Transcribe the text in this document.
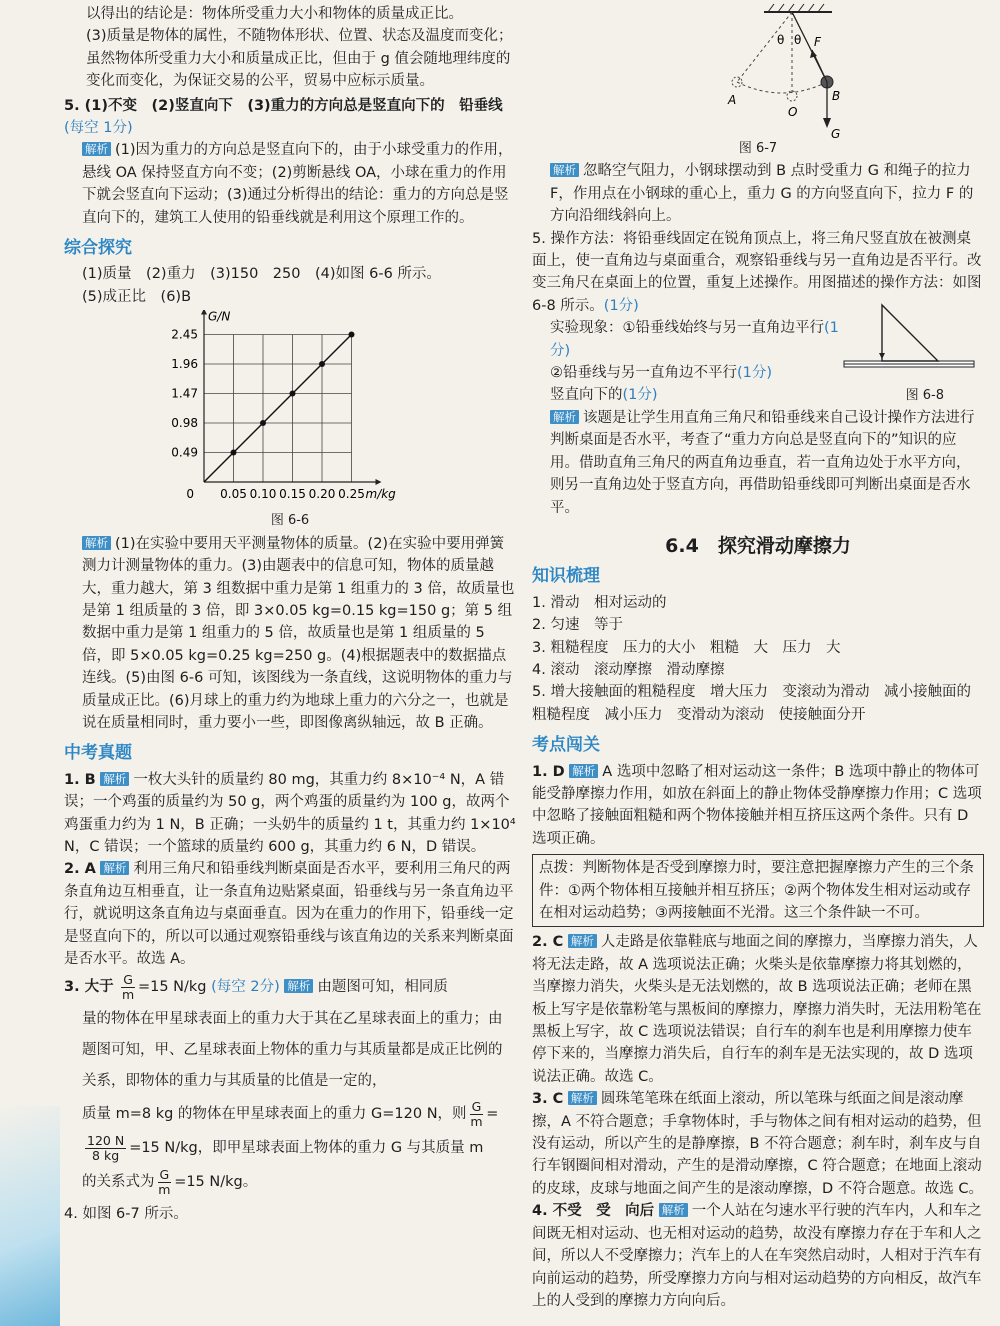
以得出的结论是：物体所受重力大小和物体的质量成正比。

(3)质量是物体的属性，不随物体形状、位置、状态及温度而变化；虽然物体所受重力大小和质量成正比，但由于 g 值会随地理纬度的变化而变化，为保证交易的公平，贸易中应标示质量。

5. (1)不变　(2)竖直向下　(3)重力的方向总是竖直向下的　铅垂线(每空 1分)

解析 (1)因为重力的方向总是竖直向下的，由于小球受重力的作用，悬线 OA 保持竖直方向不变；(2)剪断悬线 OA，小球在重力的作用下就会竖直向下运动；(3)通过分析得出的结论：重力的方向总是竖直向下的，建筑工人使用的铅垂线就是利用这个原理工作的。

综合探究

(1)质量　(2)重力　(3)150　250　(4)如图 6-6 所示。

(5)成正比　(6)B

0.05 0.10 0.15 0.20 0.25
0.49
0.98
1.47
1.96
2.45
0	m/kg
G/N
图 6-6

解析 (1)在实验中要用天平测量物体的质量。(2)在实验中要用弹簧测力计测量物体的重力。(3)由题表中的信息可知，物体的质量越大，重力越大，第 3 组数据中重力是第 1 组重力的 3 倍，故质量也是第 1 组质量的 3 倍，即 3×0.05 kg=0.15 kg=150 g；第 5 组数据中重力是第 1 组重力的 5 倍，故质量也是第 1 组质量的 5 倍，即 5×0.05 kg=0.25 kg=250 g。(4)根据题表中的数据描点连线。(5)由图 6-6 可知，该图线为一条直线，这说明物体的重力与质量成正比。(6)月球上的重力约为地球上重力的六分之一，也就是说在质量相同时，重力要小一些，即图像离纵轴远，故 B 正确。

中考真题

1. B 解析 一枚大头针的质量约 80 mg，其重力约 8×10⁻⁴ N，A 错误；一个鸡蛋的质量约为 50 g，两个鸡蛋的质量约为 100 g，故两个鸡蛋重力约为 1 N，B 正确；一头奶牛的质量约 1 t，其重力约 1×10⁴ N，C 错误；一个篮球的质量约 600 g，其重力约 6 N，D 错误。

2. A 解析 利用三角尺和铅垂线判断桌面是否水平，要利用三角尺的两条直角边互相垂直，让一条直角边贴紧桌面，铅垂线与另一条直角边平行，就说明这条直角边与桌面垂直。因为在重力的作用下，铅垂线一定是竖直向下的，所以可以通过观察铅垂线与该直角边的关系来判断桌面是否水平。故选 A。

3. 大于 $\frac{G}{m} =15$ N/kg (每空 2分) 解析 由题图可知，相同质

量的物体在甲星球表面上的重力大于其在乙星球表面上的重力；由题图可知，甲、乙星球表面上物体的重力与其质量都是成正比例的关系，即物体的重力与其质量的比值是一定的，

质量 m=8 kg 的物体在甲星球表面上的重力 G=120 N，则 $\frac{G}{m}$ =

$\frac{120 N}{8 kg} =15$ N/kg，即甲星球表面上物体的重力 G 与其质量 m

的关系式为 $\frac{G}{m} =15$ N/kg。

4. 如图 6-7 所示。

θ θ F
A
O
B
G
图 6-7

解析 忽略空气阻力，小钢球摆动到 B 点时受重力 G 和绳子的拉力 F，作用点在小钢球的重心上，重力 G 的方向竖直向下，拉力 F 的方向沿细线斜向上。

5. 操作方法：将铅垂线固定在锐角顶点上，将三角尺竖直放在被测桌面上，使一直角边与桌面重合，观察铅垂线与另一直角边是否平行。改变三角尺在桌面上的位置，重复上述操作。用图描述的操作方法：如图 6-8 所示。(1分)

图 6-8

实验现象：①铅垂线始终与另一直角边平行(1分)

②铅垂线与另一直角边不平行(1分)

竖直向下的(1分)

解析 该题是让学生用直角三角尺和铅垂线来自己设计操作方法进行判断桌面是否水平，考查了“重力方向总是竖直向下的”知识的应用。借助直角三角尺的两直角边垂直，若一直角边处于水平方向，则另一直角边处于竖直方向，再借助铅垂线即可判断出桌面是否水平。

6.4　探究滑动摩擦力
知识梳理

1. 滑动　相对运动的

2. 匀速　等于

3. 粗糙程度　压力的大小　粗糙　大　压力　大

4. 滚动　滚动摩擦　滑动摩擦

5. 增大接触面的粗糙程度　增大压力　变滚动为滑动　减小接触面的粗糙程度　减小压力　变滑动为滚动　使接触面分开

考点闯关

1. D 解析 A 选项中忽略了相对运动这一条件；B 选项中静止的物体可能受静摩擦力作用，如放在斜面上的静止物体受静摩擦力作用；C 选项中忽略了接触面粗糙和两个物体接触并相互挤压这两个条件。只有 D 选项正确。

点拨：判断物体是否受到摩擦力时，要注意把握摩擦力产生的三个条件：①两个物体相互接触并相互挤压；②两个物体发生相对运动或存在相对运动趋势；③两接触面不光滑。这三个条件缺一不可。

2. C 解析 人走路是依靠鞋底与地面之间的摩擦力，当摩擦力消失，人将无法走路，故 A 选项说法正确；火柴头是依靠摩擦力将其划燃的，当摩擦力消失，火柴头是无法划燃的，故 B 选项说法正确；老师在黑板上写字是依靠粉笔与黑板间的摩擦力，摩擦力消失时，无法用粉笔在黑板上写字，故 C 选项说法错误；自行车的刹车也是利用摩擦力使车停下来的，当摩擦力消失后，自行车的刹车是无法实现的，故 D 选项说法正确。故选 C。

3. C 解析 圆珠笔笔珠在纸面上滚动，所以笔珠与纸面之间是滚动摩擦，A 不符合题意；手拿物体时，手与物体之间有相对运动的趋势，但没有运动，所以产生的是静摩擦，B 不符合题意；刹车时，刹车皮与自行车钢圈间相对滑动，产生的是滑动摩擦，C 符合题意；在地面上滚动的皮球，皮球与地面之间产生的是滚动摩擦，D 不符合题意。故选 C。

4. 不受　受　向后 解析 一个人站在匀速水平行驶的汽车内，人和车之间既无相对运动、也无相对运动的趋势，故没有摩擦力存在于车和人之间，所以人不受摩擦力；汽车上的人在车突然启动时，人相对于汽车有向前运动的趋势，所受摩擦力方向与相对运动趋势的方向相反，故汽车上的人受到的摩擦力方向向后。
